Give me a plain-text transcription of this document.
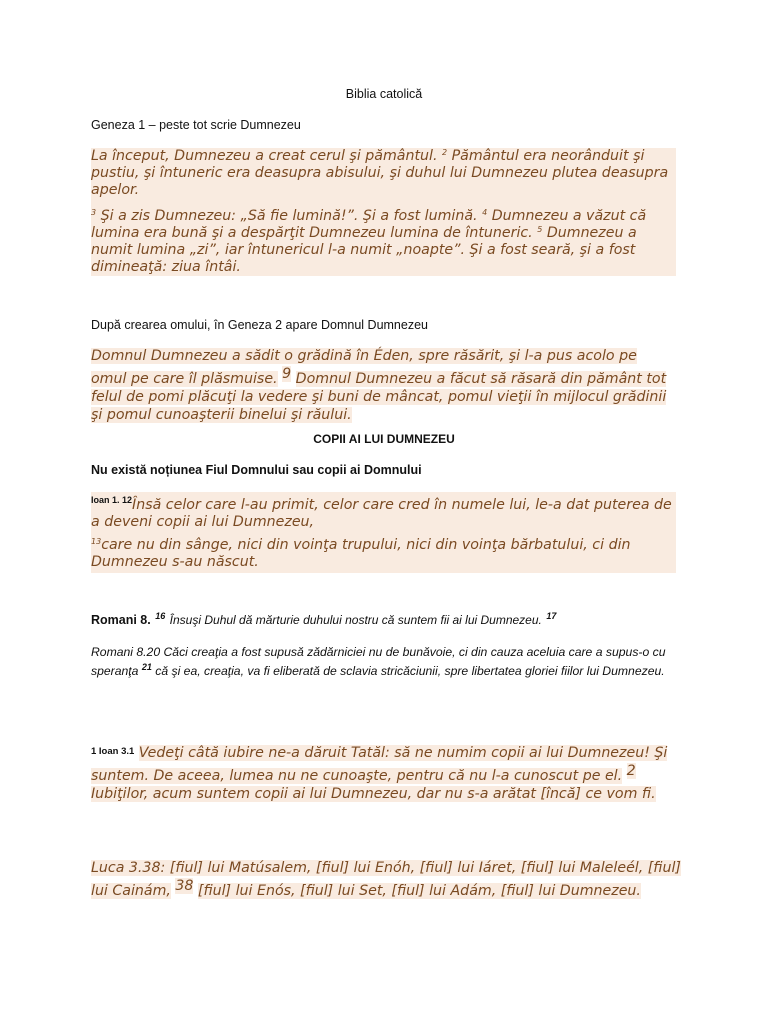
Biblia catolică
Geneza 1 – peste tot scrie Dumnezeu

La început, Dumnezeu a creat cerul şi pământul. $^2$ Pământul era neorânduit şi pustiu, şi întuneric era deasupra abisului, şi duhul lui Dumnezeu plutea deasupra apelor.

$^3$ Şi a zis Dumnezeu: „Să fie lumină!”. Şi a fost lumină. $^4$ Dumnezeu a văzut că lumina era bună şi a despărţit Dumnezeu lumina de întuneric. $^5$ Dumnezeu a numit lumina „zi”, iar întunericul l-a numit „noapte”. Şi a fost seară, şi a fost dimineaţă: ziua întâi.

După crearea omului, în Geneza 2 apare Domnul Dumnezeu

Domnul Dumnezeu a sădit o grădină în Éden, spre răsărit, şi l-a pus acolo pe omul pe care îl plăsmuise. $^9$ Domnul Dumnezeu a făcut să răsară din pământ tot felul de pomi plăcuţi la vedere şi buni de mâncat, pomul vieţii în mijlocul grădinii şi pomul cunoaşterii binelui şi răului.

COPII AI LUI DUMNEZEU
Nu există noțiunea Fiul Domnului sau copii ai Domnului

$^{Ioan 1. 12}$Însă celor care l-au primit, celor care cred în numele lui, le-a dat puterea de a deveni copii ai lui Dumnezeu,

$^{13}$care nu din sânge, nici din voinţa trupului, nici din voinţa bărbatului, ci din Dumnezeu s-au născut.

Romani 8. $^{16}$ Însuşi Duhul dă mărturie duhului nostru că suntem fii ai lui Dumnezeu. $^{17}$
Romani 8.20 Căci creaţia a fost supusă zădărniciei nu de bunăvoie, ci din cauza aceluia care a supus-o cu speranţa $^{21}$ că şi ea, creaţia, va fi eliberată de sclavia stricăciunii, spre libertatea gloriei fiilor lui Dumnezeu.
1 Ioan 3.1 Vedeţi câtă iubire ne-a dăruit Tatăl: să ne numim copii ai lui Dumnezeu! Şi suntem. De aceea, lumea nu ne cunoaşte, pentru că nu l-a cunoscut pe el. $^2$ Iubiţilor, acum suntem copii ai lui Dumnezeu, dar nu s-a arătat [încă] ce vom fi.
Luca 3.38: [fiul] lui Matúsalem, [fiul] lui Enóh, [fiul] lui Iáret, [fiul] lui Maleleél, [fiul] lui Cainám, $^{38}$ [fiul] lui Enós, [fiul] lui Set, [fiul] lui Adám, [fiul] lui Dumnezeu.
